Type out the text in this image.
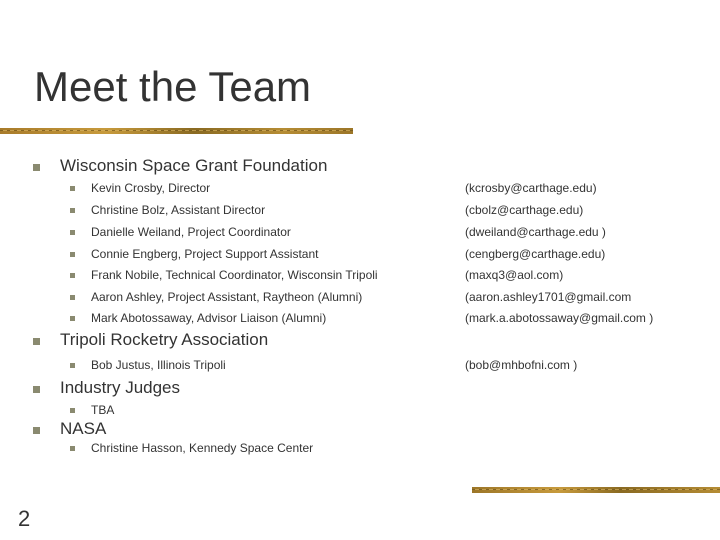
Meet the Team
Wisconsin Space Grant Foundation
Kevin Crosby, Director	(kcrosby@carthage.edu)
Christine Bolz, Assistant Director	(cbolz@carthage.edu)
Danielle Weiland, Project Coordinator	(dweiland@carthage.edu )
Connie Engberg, Project Support Assistant	(cengberg@carthage.edu)
Frank Nobile, Technical Coordinator, Wisconsin Tripoli	(maxq3@aol.com)
Aaron Ashley, Project Assistant, Raytheon (Alumni)	(aaron.ashley1701@gmail.com
Mark Abotossaway, Advisor Liaison (Alumni)	(mark.a.abotossaway@gmail.com )
Tripoli Rocketry Association
Bob Justus, Illinois Tripoli	(bob@mhbofni.com )
Industry Judges
TBA
NASA
Christine Hasson, Kennedy Space Center
2
